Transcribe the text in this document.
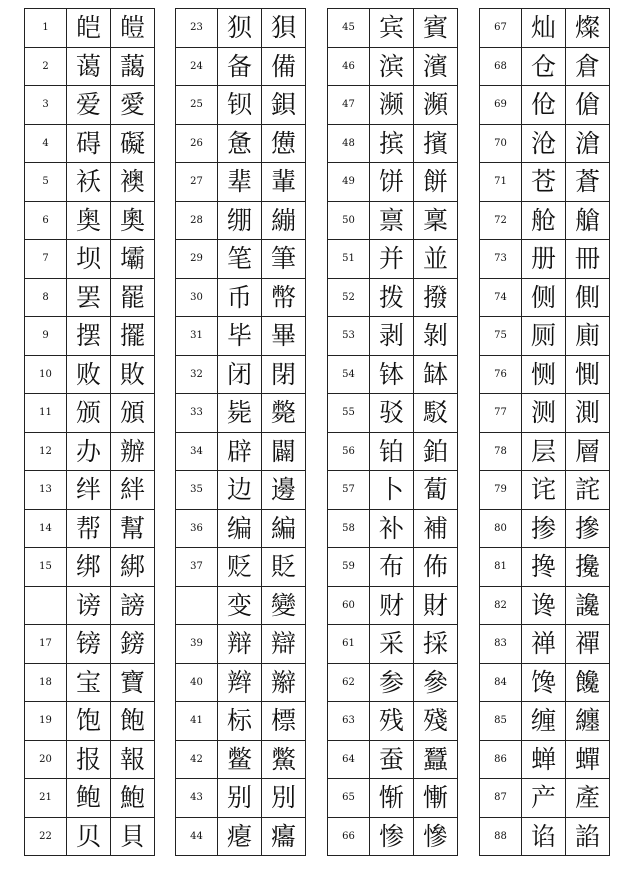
1	皑	皚
2	蔼	藹
3	爱	愛
4	碍	礙
5	袄	襖
6	奥	奧
7	坝	壩
8	罢	罷
9	摆	擺
10	败	敗
11	颁	頒
12	办	辦
13	绊	絆
14	帮	幫
15	绑	綁
	谤	謗
17	镑	鎊
18	宝	寶
19	饱	飽
20	报	報
21	鲍	鮑
22	贝	貝
23	狈	狽
24	备	備
25	钡	鋇
26	惫	憊
27	辈	輩
28	绷	繃
29	笔	筆
30	币	幣
31	毕	畢
32	闭	閉
33	毙	斃
34	辟	闢
35	边	邊
36	编	編
37	贬	貶
	变	變
39	辩	辯
40	辫	辮
41	标	標
42	鳖	鱉
43	别	別
44	瘪	癟
45	宾	賓
46	滨	濱
47	濒	瀕
48	摈	擯
49	饼	餅
50	禀	稟
51	并	並
52	拨	撥
53	剥	剝
54	钵	缽
55	驳	駁
56	铂	鉑
57	卜	蔔
58	补	補
59	布	佈
60	财	財
61	采	採
62	参	參
63	残	殘
64	蚕	蠶
65	惭	慚
66	惨	慘
67	灿	燦
68	仓	倉
69	伧	傖
70	沧	滄
71	苍	蒼
72	舱	艙
73	册	冊
74	侧	側
75	厕	廁
76	恻	惻
77	测	測
78	层	層
79	诧	詫
80	掺	摻
81	搀	攙
82	谗	讒
83	禅	禪
84	馋	饞
85	缠	纏
86	蝉	蟬
87	产	產
88	谄	諂
